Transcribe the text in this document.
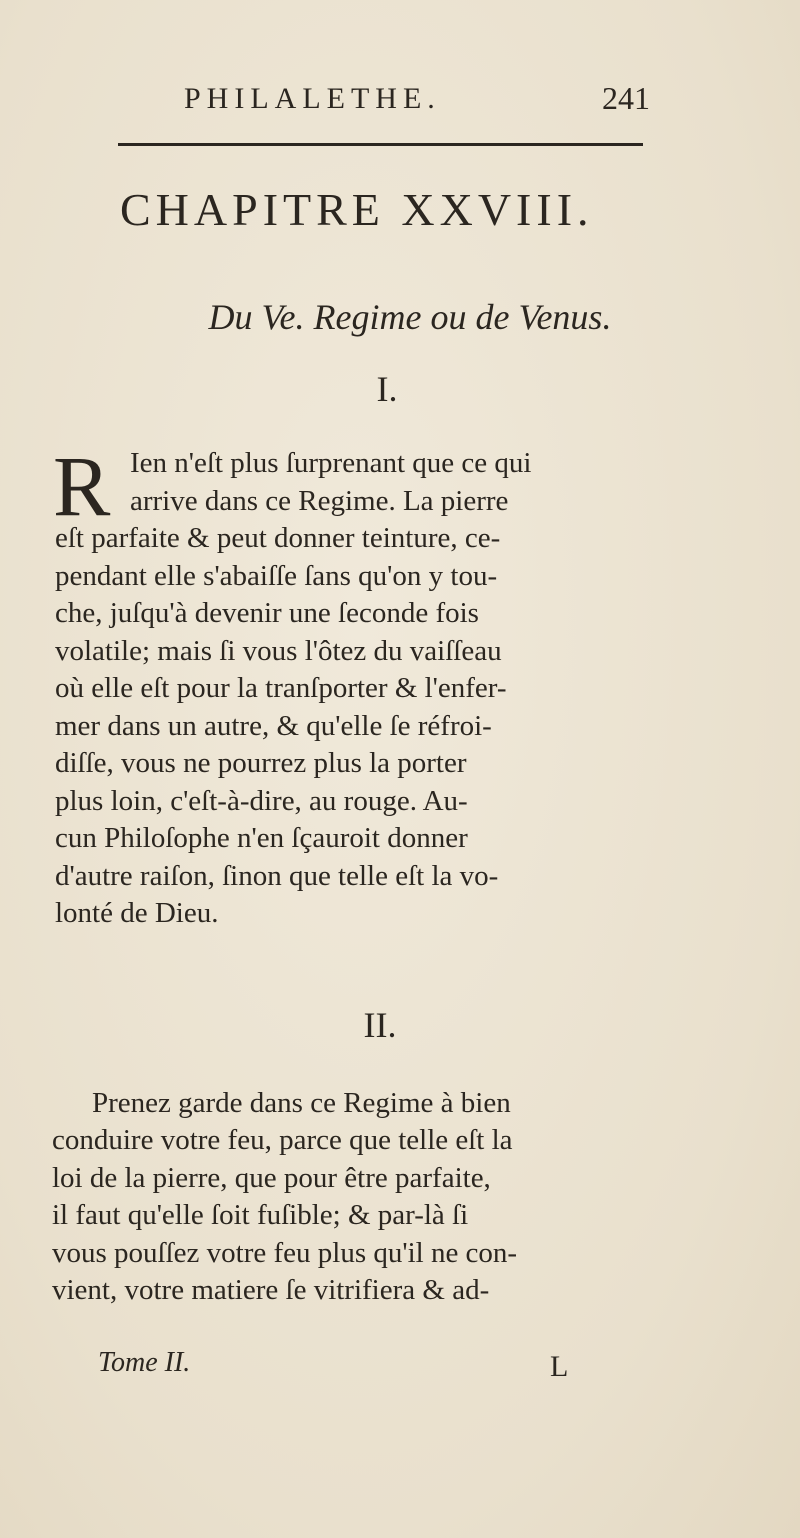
PHILALETHE.	241
CHAPITRE XXVIII.
Du Ve. Regime ou de Venus.
I.
R Ien n'eſt plus ſurprenant que ce qui
arrive dans ce Regime. La pierre
eſt parfaite & peut donner teinture, ce-
pendant elle s'abaiſſe ſans qu'on y tou-
che, juſqu'à devenir une ſeconde fois
volatile; mais ſi vous l'ôtez du vaiſſeau
où elle eſt pour la tranſporter & l'enfer-
mer dans un autre, & qu'elle ſe réfroi-
diſſe, vous ne pourrez plus la porter
plus loin, c'eſt-à-dire, au rouge. Au-
cun Philoſophe n'en ſçauroit donner
d'autre raiſon, ſinon que telle eſt la vo-
lonté de Dieu.
II.
Prenez garde dans ce Regime à bien
conduire votre feu, parce que telle eſt la
loi de la pierre, que pour être parfaite,
il faut qu'elle ſoit fuſible; & par-là ſi
vous pouſſez votre feu plus qu'il ne con-
vient, votre matiere ſe vitrifiera & ad-
Tome II.	L
